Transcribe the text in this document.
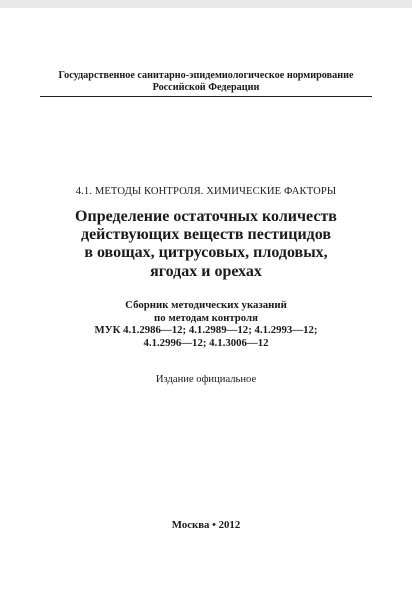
Государственное санитарно-эпидемиологическое нормирование
Российской Федерации
4.1. МЕТОДЫ КОНТРОЛЯ. ХИМИЧЕСКИЕ ФАКТОРЫ
Определение остаточных количеств
действующих веществ пестицидов
в овощах, цитрусовых, плодовых,
ягодах и орехах
Сборник методических указаний
по методам контроля
МУК 4.1.2986—12; 4.1.2989—12; 4.1.2993—12;
4.1.2996—12; 4.1.3006—12
Издание официальное
Москва • 2012
